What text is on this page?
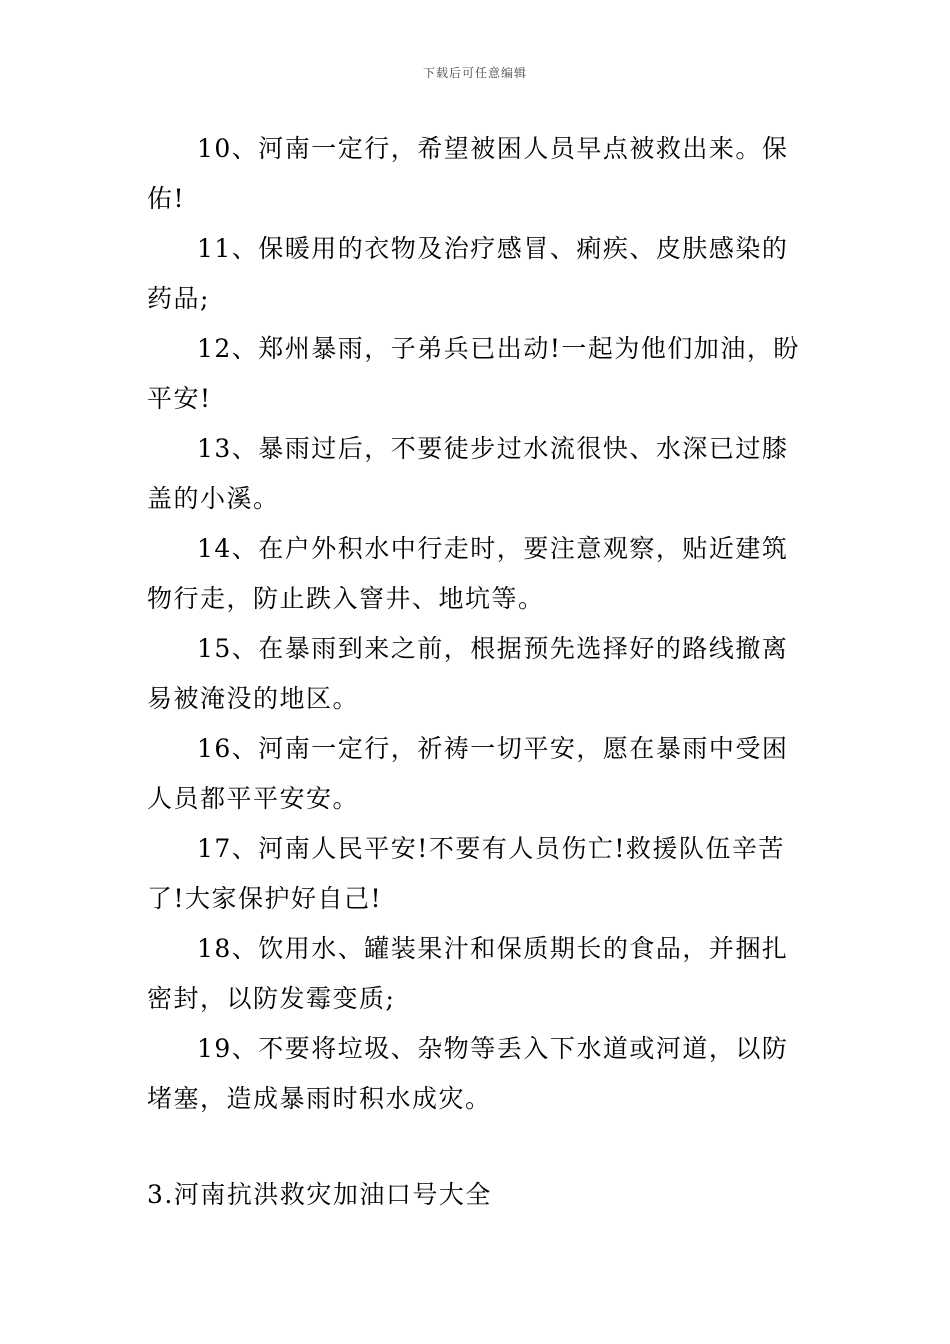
下载后可任意编辑

10、河南一定行，希望被困人员早点被救出来。保佑!

11、保暖用的衣物及治疗感冒、痢疾、皮肤感染的药品;

12、郑州暴雨，子弟兵已出动!一起为他们加油，盼平安!

13、暴雨过后，不要徒步过水流很快、水深已过膝盖的小溪。

14、在户外积水中行走时，要注意观察，贴近建筑物行走，防止跌入窨井、地坑等。

15、在暴雨到来之前，根据预先选择好的路线撤离易被淹没的地区。

16、河南一定行，祈祷一切平安，愿在暴雨中受困人员都平平安安。

17、河南人民平安!不要有人员伤亡!救援队伍辛苦了!大家保护好自己!

18、饮用水、罐装果汁和保质期长的食品，并捆扎密封，以防发霉变质;

19、不要将垃圾、杂物等丢入下水道或河道，以防堵塞，造成暴雨时积水成灾。

3.河南抗洪救灾加油口号大全
